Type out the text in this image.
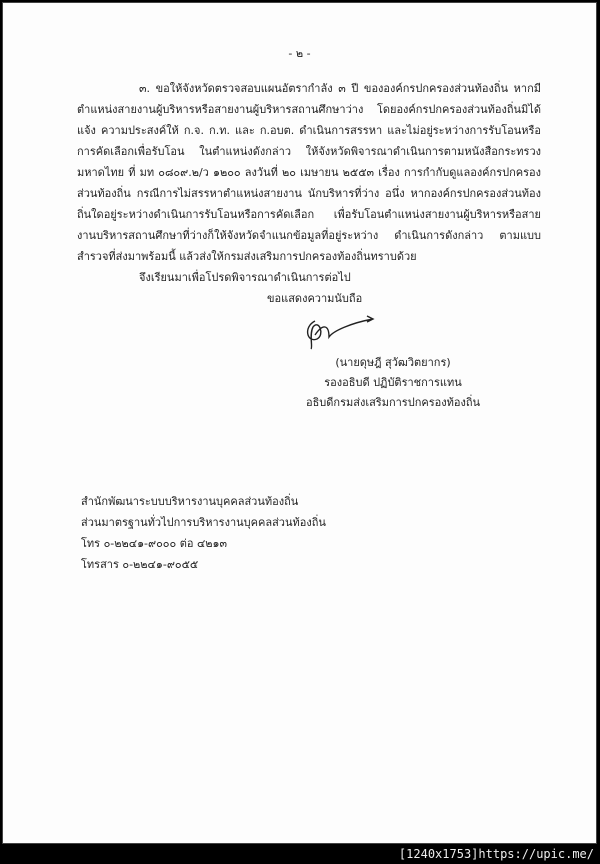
- ๒ -
๓. ขอให้จังหวัดตรวจสอบแผนอัตรากำลัง ๓ ปี ขององค์กรปกครองส่วนท้องถิ่น หากมี ตำแหน่งสายงานผู้บริหารหรือสายงานผู้บริหารสถานศึกษาว่าง โดยองค์กรปกครองส่วนท้องถิ่นมิได้แจ้ง ความประสงค์ให้ ก.จ. ก.ท. และ ก.อบต. ดำเนินการสรรหา และไม่อยู่ระหว่างการรับโอนหรือการคัดเลือกเพื่อรับโอน ในตำแหน่งดังกล่าว ให้จังหวัดพิจารณาดำเนินการตามหนังสือกระทรวงมหาดไทย ที่ มท ๐๘๐๙.๒/ว ๑๒๐๐ ลงวันที่ ๒๐ เมษายน ๒๕๕๓ เรื่อง การกำกับดูแลองค์กรปกครองส่วนท้องถิ่น กรณีการไม่สรรหาตำแหน่งสายงาน นักบริหารที่ว่าง อนึ่ง หากองค์กรปกครองส่วนท้องถิ่นใดอยู่ระหว่างดำเนินการรับโอนหรือการคัดเลือก เพื่อรับโอนตำแหน่งสายงานผู้บริหารหรือสายงานบริหารสถานศึกษาที่ว่างก็ให้จังหวัดจำแนกข้อมูลที่อยู่ระหว่าง ดำเนินการดังกล่าว ตามแบบสำรวจที่ส่งมาพร้อมนี้ แล้วส่งให้กรมส่งเสริมการปกครองท้องถิ่นทราบด้วย
จึงเรียนมาเพื่อโปรดพิจารณาดำเนินการต่อไป
ขอแสดงความนับถือ
(นายดุษฎี สุวัฒวิตยากร)
รองอธิบดี ปฏิบัติราชการแทน
อธิบดีกรมส่งเสริมการปกครองท้องถิ่น
สำนักพัฒนาระบบบริหารงานบุคคลส่วนท้องถิ่น
ส่วนมาตรฐานทั่วไปการบริหารงานบุคคลส่วนท้องถิ่น
โทร ๐-๒๒๔๑-๙๐๐๐ ต่อ ๔๒๑๓
โทรสาร ๐-๒๒๔๑-๙๐๕๕
[1240x1753]https://upic.me/
